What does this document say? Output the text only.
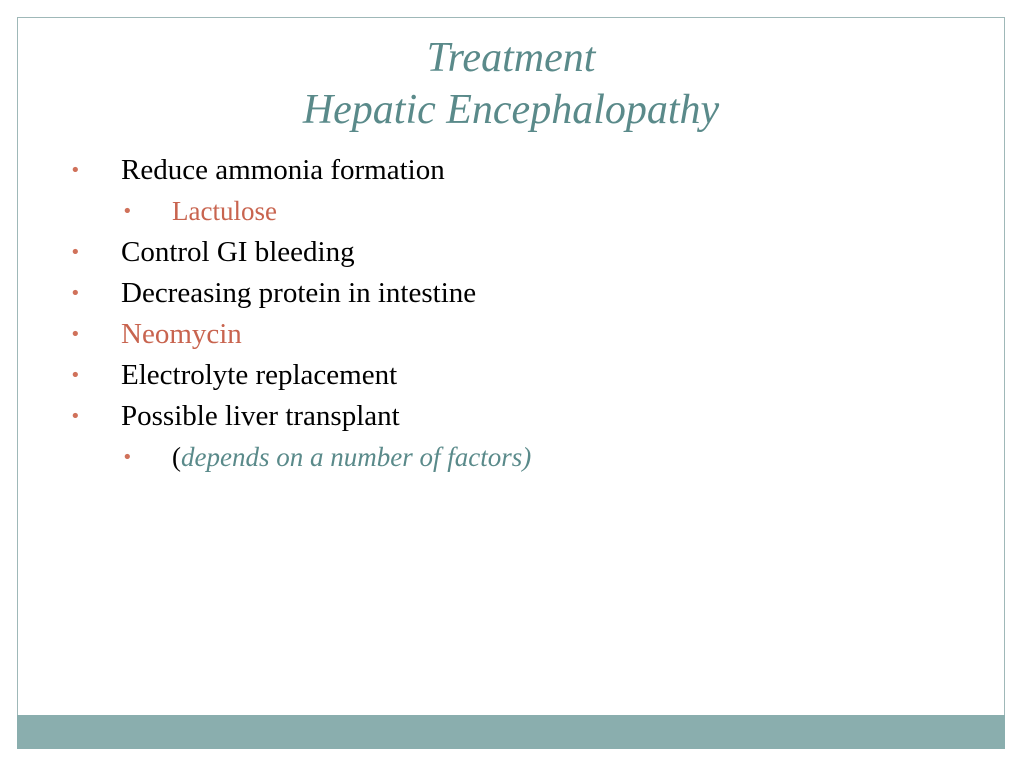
Treatment
Hepatic Encephalopathy
• Reduce ammonia formation
• Lactulose
• Control GI bleeding
• Decreasing protein in intestine
• Neomycin
• Electrolyte replacement
• Possible liver transplant
• (depends on a number of factors)
